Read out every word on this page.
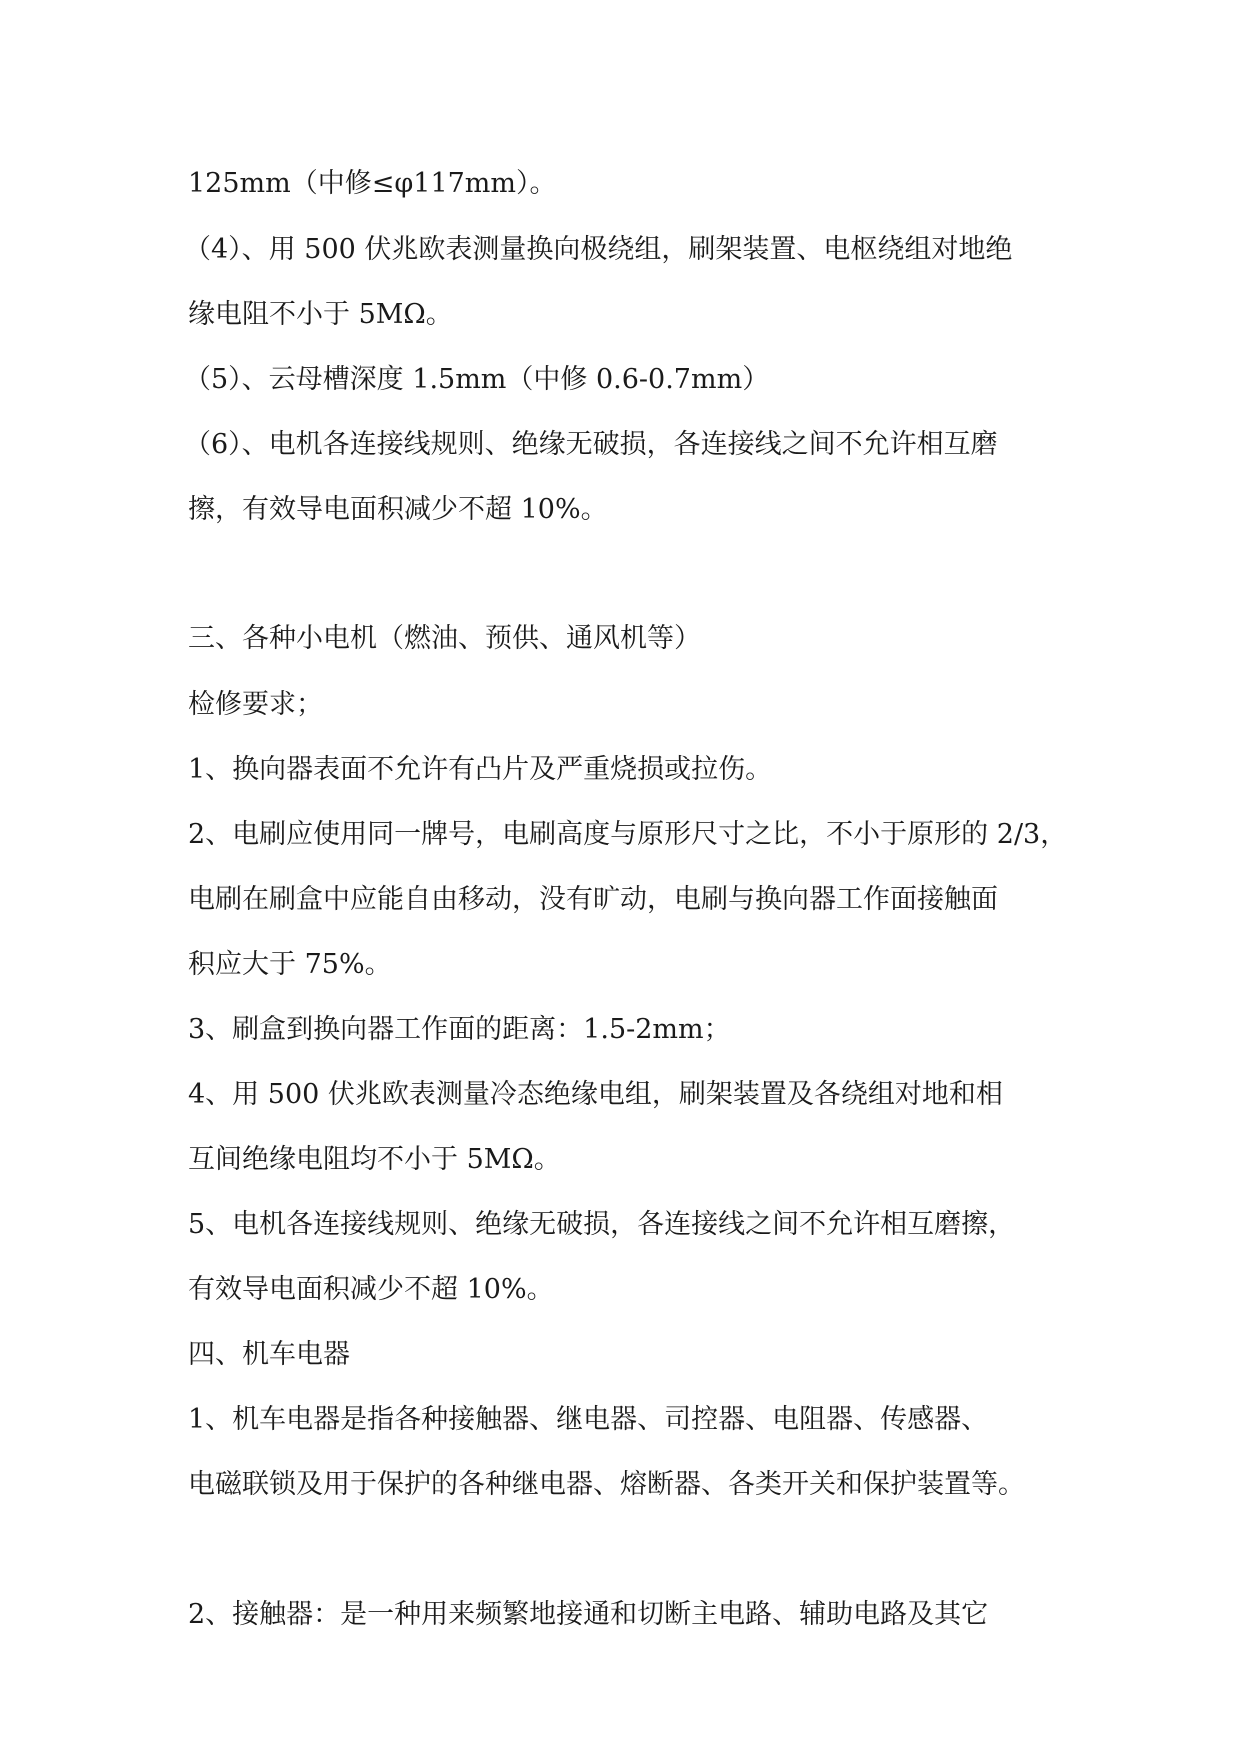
125mm（中修≤φ117mm）。

（4）、用 500 伏兆欧表测量换向极绕组，刷架装置、电枢绕组对地绝

缘电阻不小于 5MΩ。

（5）、云母槽深度 1.5mm（中修 0.6-0.7mm）

（6）、电机各连接线规则、绝缘无破损，各连接线之间不允许相互磨

擦，有效导电面积减少不超 10%。

三、各种小电机（燃油、预供、通风机等）

检修要求；

1、换向器表面不允许有凸片及严重烧损或拉伤。

2、电刷应使用同一牌号，电刷高度与原形尺寸之比，不小于原形的 2/3，

电刷在刷盒中应能自由移动，没有旷动，电刷与换向器工作面接触面

积应大于 75%。

3、刷盒到换向器工作面的距离：1.5-2mm；

4、用 500 伏兆欧表测量冷态绝缘电组，刷架装置及各绕组对地和相

互间绝缘电阻均不小于 5MΩ。

5、电机各连接线规则、绝缘无破损，各连接线之间不允许相互磨擦，

有效导电面积减少不超 10%。

四、机车电器

1、机车电器是指各种接触器、继电器、司控器、电阻器、传感器、

电磁联锁及用于保护的各种继电器、熔断器、各类开关和保护装置等。

2、接触器：是一种用来频繁地接通和切断主电路、辅助电路及其它
